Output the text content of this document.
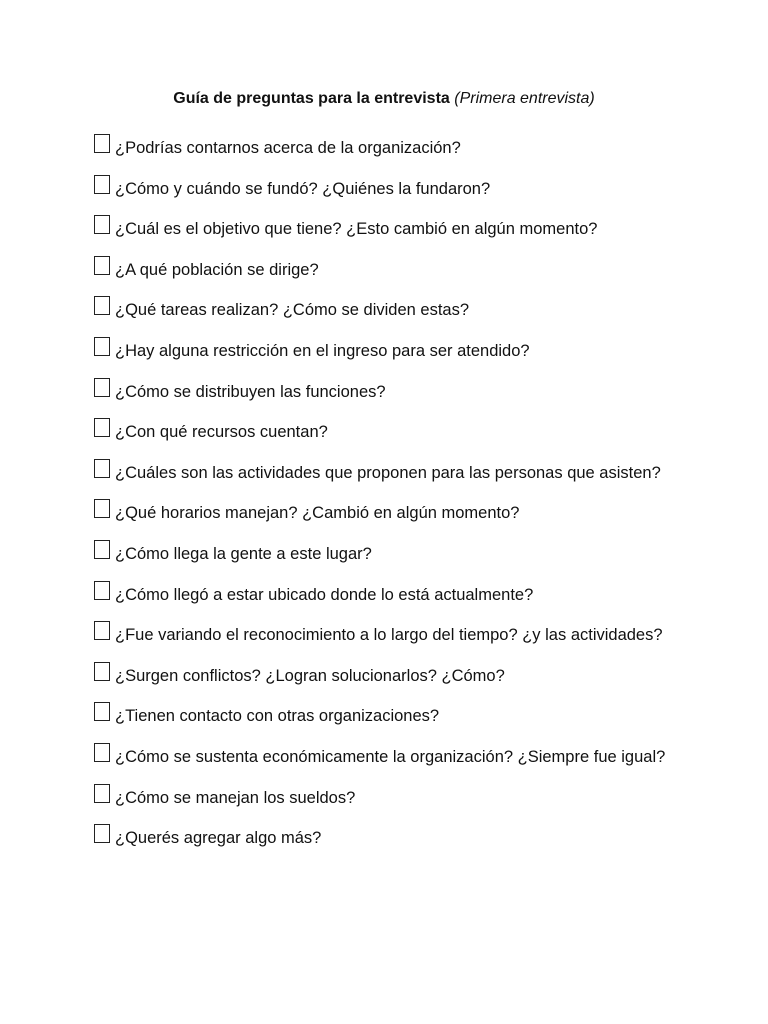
Guía de preguntas para la entrevista (Primera entrevista)
¿Podrías contarnos acerca de la organización?
¿Cómo y cuándo se fundó? ¿Quiénes la fundaron?
¿Cuál es el objetivo que tiene? ¿Esto cambió en algún momento?
¿A qué población se dirige?
¿Qué tareas realizan? ¿Cómo se dividen estas?
¿Hay alguna restricción en el ingreso para ser atendido?
¿Cómo se distribuyen las funciones?
¿Con qué recursos cuentan?
¿Cuáles son las actividades que proponen para las personas que asisten?
¿Qué horarios manejan? ¿Cambió en algún momento?
¿Cómo llega la gente a este lugar?
¿Cómo llegó a estar ubicado donde lo está actualmente?
¿Fue variando el reconocimiento a lo largo del tiempo? ¿y las actividades?
¿Surgen conflictos? ¿Logran solucionarlos? ¿Cómo?
¿Tienen contacto con otras organizaciones?
¿Cómo se sustenta económicamente la organización? ¿Siempre fue igual?
¿Cómo se manejan los sueldos?
¿Querés agregar algo más?
